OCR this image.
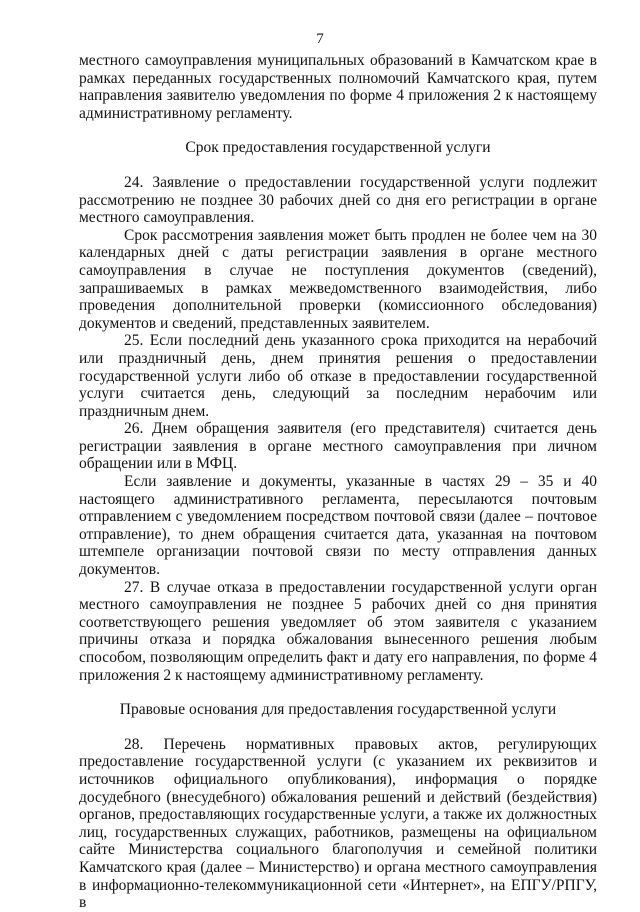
7

местного самоуправления муниципальных образований в Камчатском крае в рамках переданных государственных полномочий Камчатского края, путем направления заявителю уведомления по форме 4 приложения 2 к настоящему административному регламенту.

Срок предоставления государственной услуги

24. Заявление о предоставлении государственной услуги подлежит рассмотрению не позднее 30 рабочих дней со дня его регистрации в органе местного самоуправления.

Срок рассмотрения заявления может быть продлен не более чем на 30 календарных дней с даты регистрации заявления в органе местного самоуправления в случае не поступления документов (сведений), запрашиваемых в рамках межведомственного взаимодействия, либо проведения дополнительной проверки (комиссионного обследования) документов и сведений, представленных заявителем.

25. Если последний день указанного срока приходится на нерабочий или праздничный день, днем принятия решения о предоставлении государственной услуги либо об отказе в предоставлении государственной услуги считается день, следующий за последним нерабочим или праздничным днем.

26. Днем обращения заявителя (его представителя) считается день регистрации заявления в органе местного самоуправления при личном обращении или в МФЦ.

Если заявление и документы, указанные в частях 29 – 35 и 40 настоящего административного регламента, пересылаются почтовым отправлением с уведомлением посредством почтовой связи (далее – почтовое отправление), то днем обращения считается дата, указанная на почтовом штемпеле организации почтовой связи по месту отправления данных документов.

27. В случае отказа в предоставлении государственной услуги орган местного самоуправления не позднее 5 рабочих дней со дня принятия соответствующего решения уведомляет об этом заявителя с указанием причины отказа и порядка обжалования вынесенного решения любым способом, позволяющим определить факт и дату его направления, по форме 4 приложения 2 к настоящему административному регламенту.

Правовые основания для предоставления государственной услуги

28. Перечень нормативных правовых актов, регулирующих предоставление государственной услуги (с указанием их реквизитов и источников официального опубликования), информация о порядке досудебного (внесудебного) обжалования решений и действий (бездействия) органов, предоставляющих государственные услуги, а также их должностных лиц, государственных служащих, работников, размещены на официальном сайте Министерства социального благополучия и семейной политики Камчатского края (далее – Министерство) и органа местного самоуправления в информационно-телекоммуникационной сети «Интернет», на ЕПГУ/РПГУ, в
